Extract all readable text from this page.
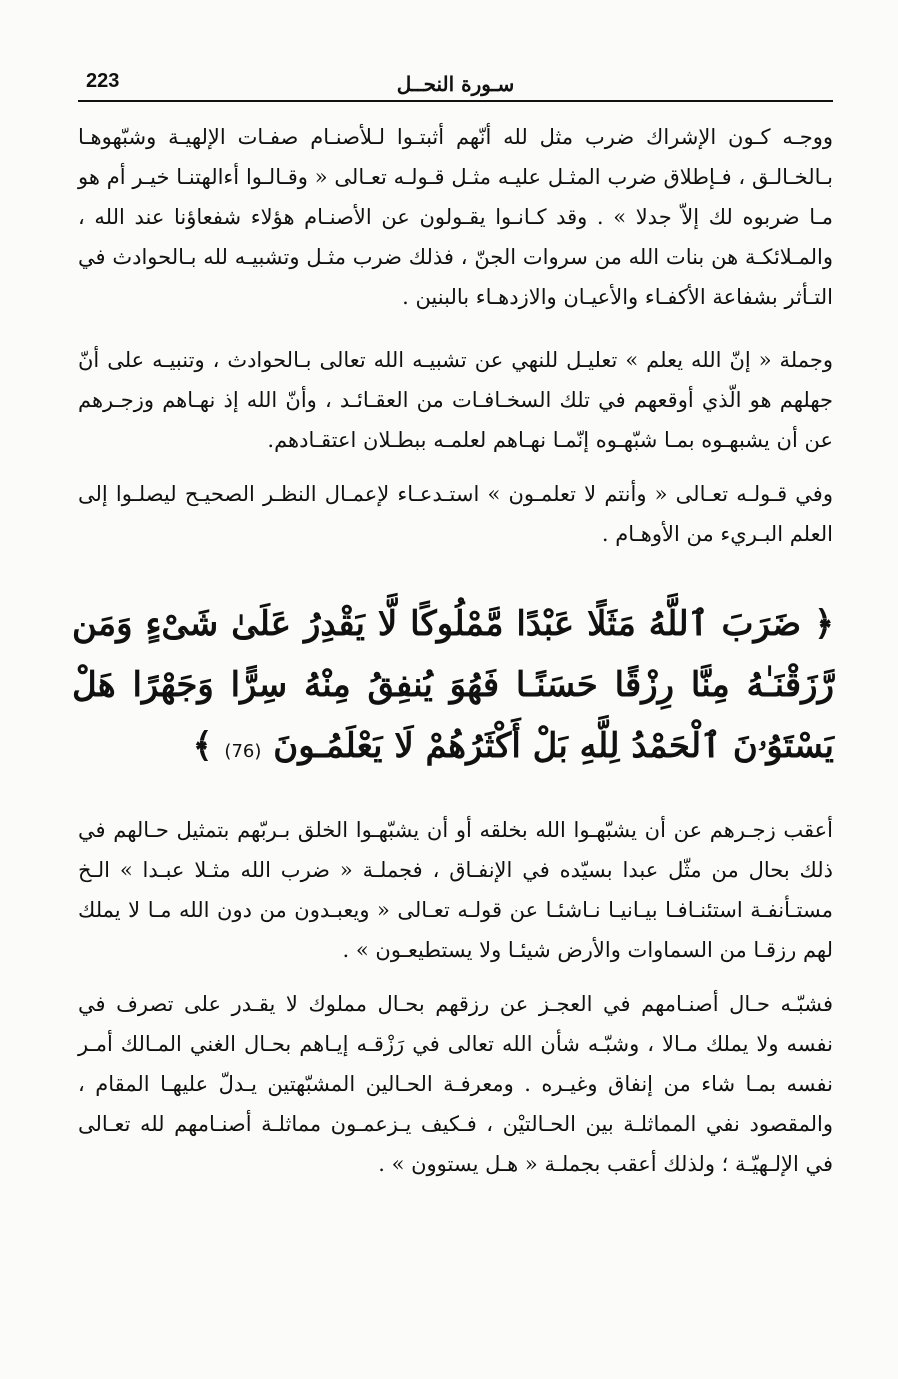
223	سـورة النحــل

ووجـه كـون الإشراك ضرب مثل لله أنّهم أثبتـوا لـلأصنـام صفـات الإلهيـة وشبّهوهـا بـالخـالـق ، فـإطلاق ضرب المثـل عليـه مثـل قـولـه تعـالى « وقـالـوا أءالهتنـا خيـر أم هو مـا ضربوه لك إلاّ جدلا » . وقد كـانـوا يقـولون عن الأصنـام هؤلاء شفعاؤنا عند الله ، والمـلائكـة هن بنات الله من سروات الجنّ ، فذلك ضرب مثـل وتشبيـه لله بـالحوادث في التـأثر بشفاعة الأكفـاء والأعيـان والازدهـاء بالبنين .

وجملة « إنّ الله يعلم » تعليـل للنهي عن تشبيـه الله تعالى بـالحوادث ، وتنبيـه على أنّ جهلهم هو الّذي أوقعهم في تلك السخـافـات من العقـائـد ، وأنّ الله إذ نهـاهم وزجـرهم عن أن يشبهـوه بمـا شبّهـوه إنّمـا نهـاهم لعلمـه ببطـلان اعتقـادهم.

وفي قـولـه تعـالى « وأنتم لا تعلمـون » استـدعـاء لإعمـال النظـر الصحيـح ليصلـوا إلى العلم البـريء من الأوهـام .

﴿ ضَرَبَ ٱللَّهُ مَثَلًا عَبْدًا مَّمْلُوكًا لَّا يَقْدِرُ عَلَىٰ شَىْءٍ وَمَن رَّزَقْنَـٰهُ مِنَّا رِزْقًا حَسَنًـا فَهُوَ يُنفِقُ مِنْهُ سِرًّا وَجَهْرًا هَلْ يَسْتَوُۥنَ ٱلْحَمْدُ لِلَّهِ بَلْ أَكْثَرُهُمْ لَا يَعْلَمُـونَ (76) ﴾

أعقب زجـرهم عن أن يشبّهـوا الله بخلقه أو أن يشبّهـوا الخلق بـربّهم بتمثيل حـالهم في ذلك بحال من مثّل عبدا بسيّده في الإنفـاق ، فجملـة « ضرب الله مثـلا عبـدا » الـخ مستـأنفـة استئنـافـا بيـانيـا نـاشئـا عن قولـه تعـالى « ويعبـدون من دون الله مـا لا يملك لهم رزقـا من السماوات والأرض شيئـا ولا يستطيعـون » .

فشبّـه حـال أصنـامهم في العجـز عن رزقهم بحـال مملوك لا يقـدر على تصرف في نفسه ولا يملك مـالا ، وشبّـه شأن الله تعالى في رَزْقـه إيـاهم بحـال الغني المـالك أمـر نفسه بمـا شاء من إنفاق وغيـره . ومعرفـة الحـالين المشبّهتين يـدلّ عليهـا المقام ، والمقصود نفي المماثلـة بين الحـالتيْن ، فـكيف يـزعمـون مماثلـة أصنـامهم لله تعـالى في الإلـهيّـة ؛ ولذلك أعقب بجملـة « هـل يستوون » .
